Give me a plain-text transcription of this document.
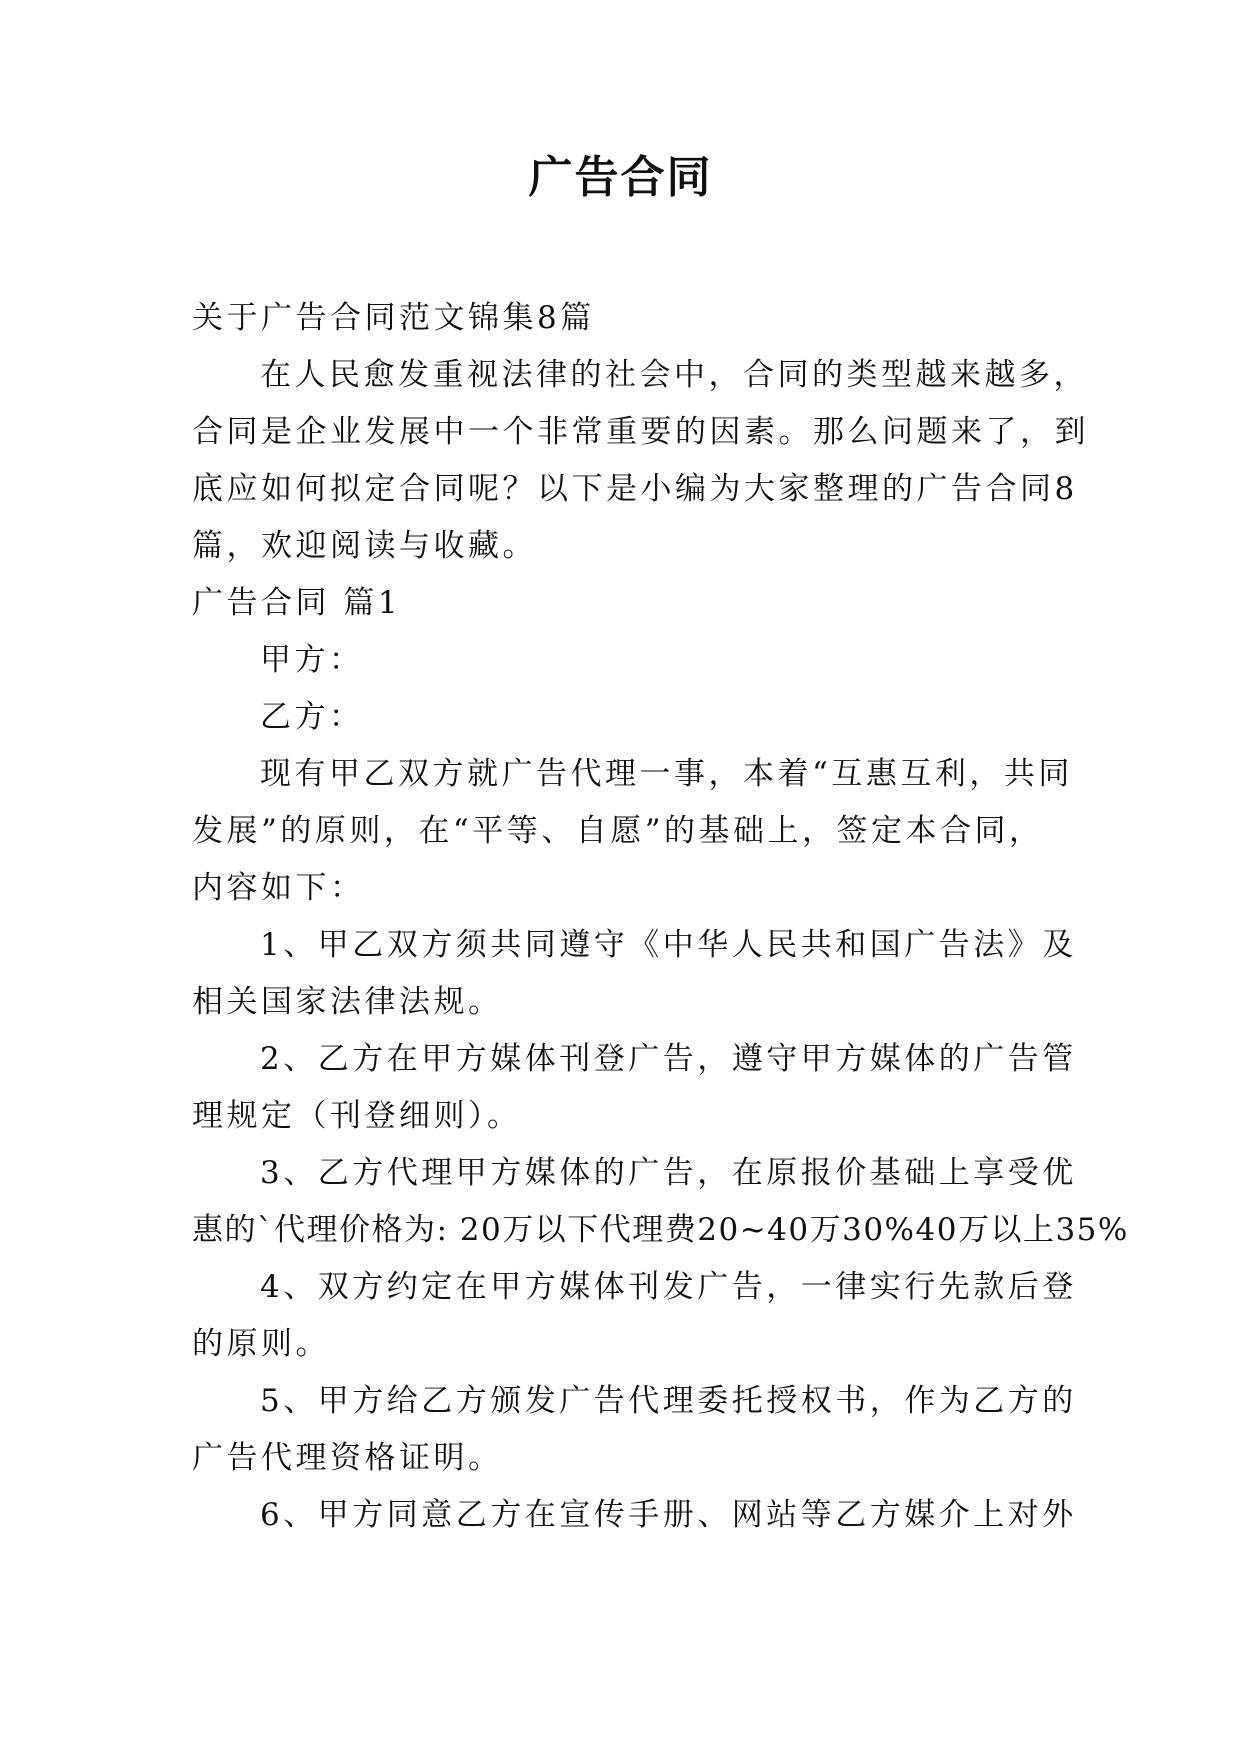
广告合同

关于广告合同范文锦集8篇

在人民愈发重视法律的社会中，合同的类型越来越多，

合同是企业发展中一个非常重要的因素。那么问题来了，到

底应如何拟定合同呢？以下是小编为大家整理的广告合同8

篇，欢迎阅读与收藏。

广告合同 篇1

甲方：

乙方：

现有甲乙双方就广告代理一事，本着“互惠互利，共同

发展”的原则，在“平等、自愿”的基础上，签定本合同，

内容如下：

1、甲乙双方须共同遵守《中华人民共和国广告法》及

相关国家法律法规。

2、乙方在甲方媒体刊登广告，遵守甲方媒体的广告管

理规定（刊登细则）。

3、乙方代理甲方媒体的广告，在原报价基础上享受优

惠的`代理价格为: 20万以下代理费20~40万30%40万以上35%

4、双方约定在甲方媒体刊发广告，一律实行先款后登

的原则。

5、甲方给乙方颁发广告代理委托授权书，作为乙方的

广告代理资格证明。

6、甲方同意乙方在宣传手册、网站等乙方媒介上对外
